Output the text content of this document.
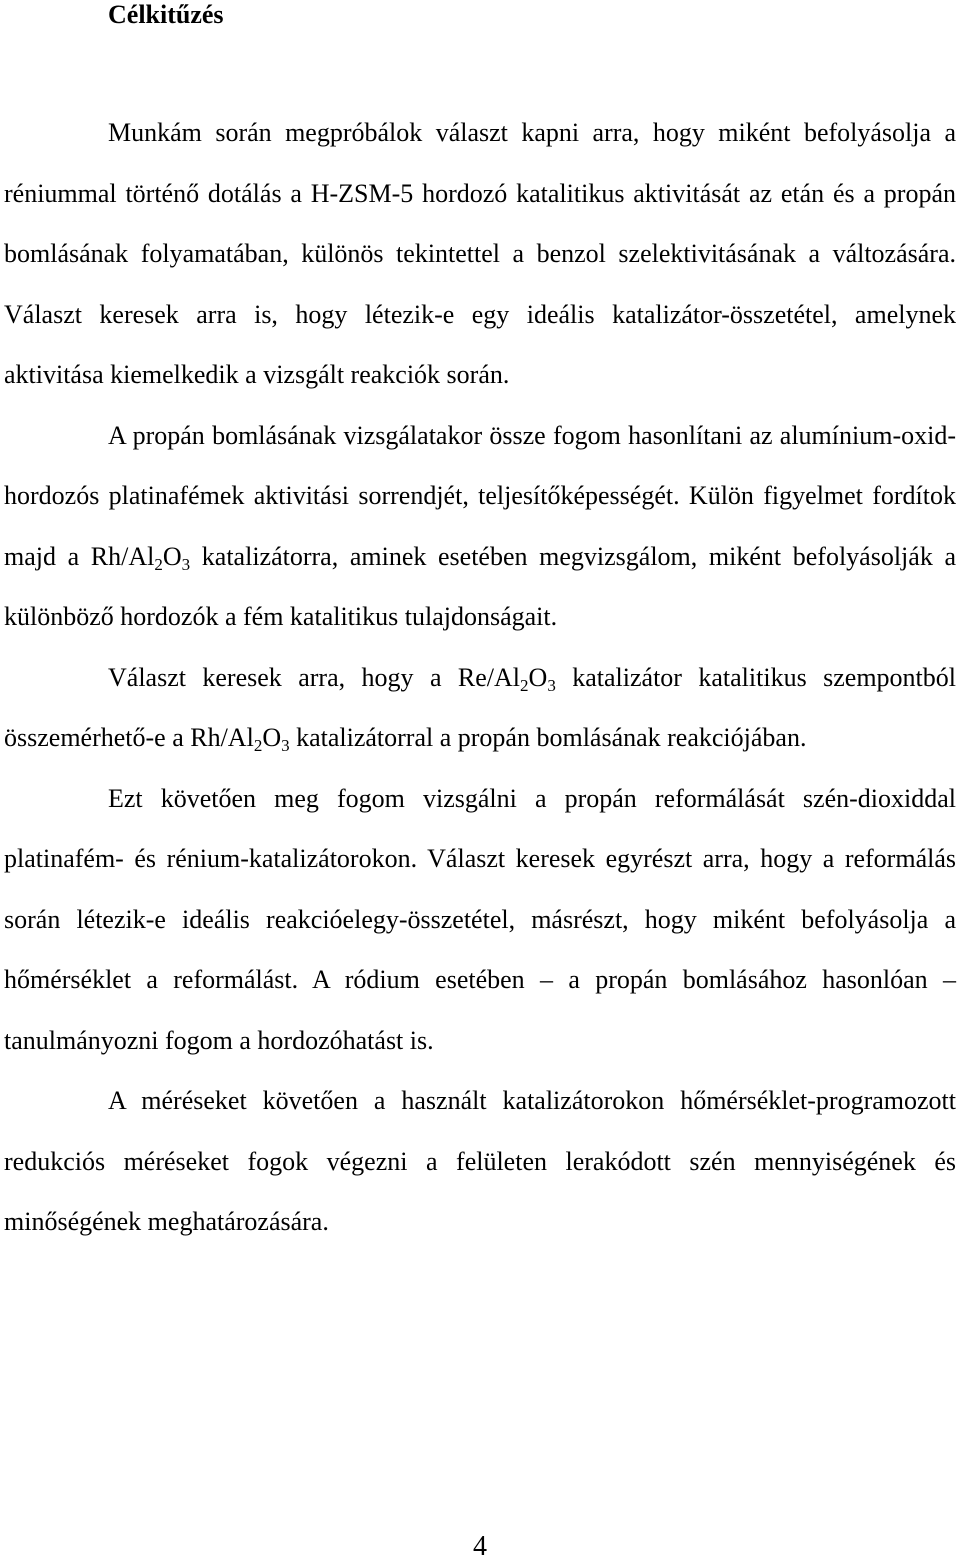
Célkitűzés

Munkám során megpróbálok választ kapni arra, hogy miként befolyásolja a réniummal történő dotálás a H-ZSM-5 hordozó katalitikus aktivitását az etán és a propán bomlásának folyamatában, különös tekintettel a benzol szelektivitásának a változására. Választ keresek arra is, hogy létezik-e egy ideális katalizátor-összetétel, amelynek aktivitása kiemelkedik a vizsgált reakciók során.

A propán bomlásának vizsgálatakor össze fogom hasonlítani az alumínium-oxid-hordozós platinafémek aktivitási sorrendjét, teljesítőképességét. Külön figyelmet fordítok majd a $Rh/Al_2O_3$ katalizátorra, aminek esetében megvizsgálom, miként befolyásolják a különböző hordozók a fém katalitikus tulajdonságait.

Választ keresek arra, hogy a $Re/Al_2O_3$ katalizátor katalitikus szempontból összemérhető-e a $Rh/Al_2O_3$ katalizátorral a propán bomlásának reakciójában.

Ezt követően meg fogom vizsgálni a propán reformálását szén-dioxiddal platinafém- és rénium-katalizátorokon. Választ keresek egyrészt arra, hogy a reformálás során létezik-e ideális reakcióelegy-összetétel, másrészt, hogy miként befolyásolja a hőmérséklet a reformálást. A ródium esetében – a propán bomlásához hasonlóan – tanulmányozni fogom a hordozóhatást is.

A méréseket követően a használt katalizátorokon hőmérséklet-programozott redukciós méréseket fogok végezni a felületen lerakódott szén mennyiségének és minőségének meghatározására.

4
